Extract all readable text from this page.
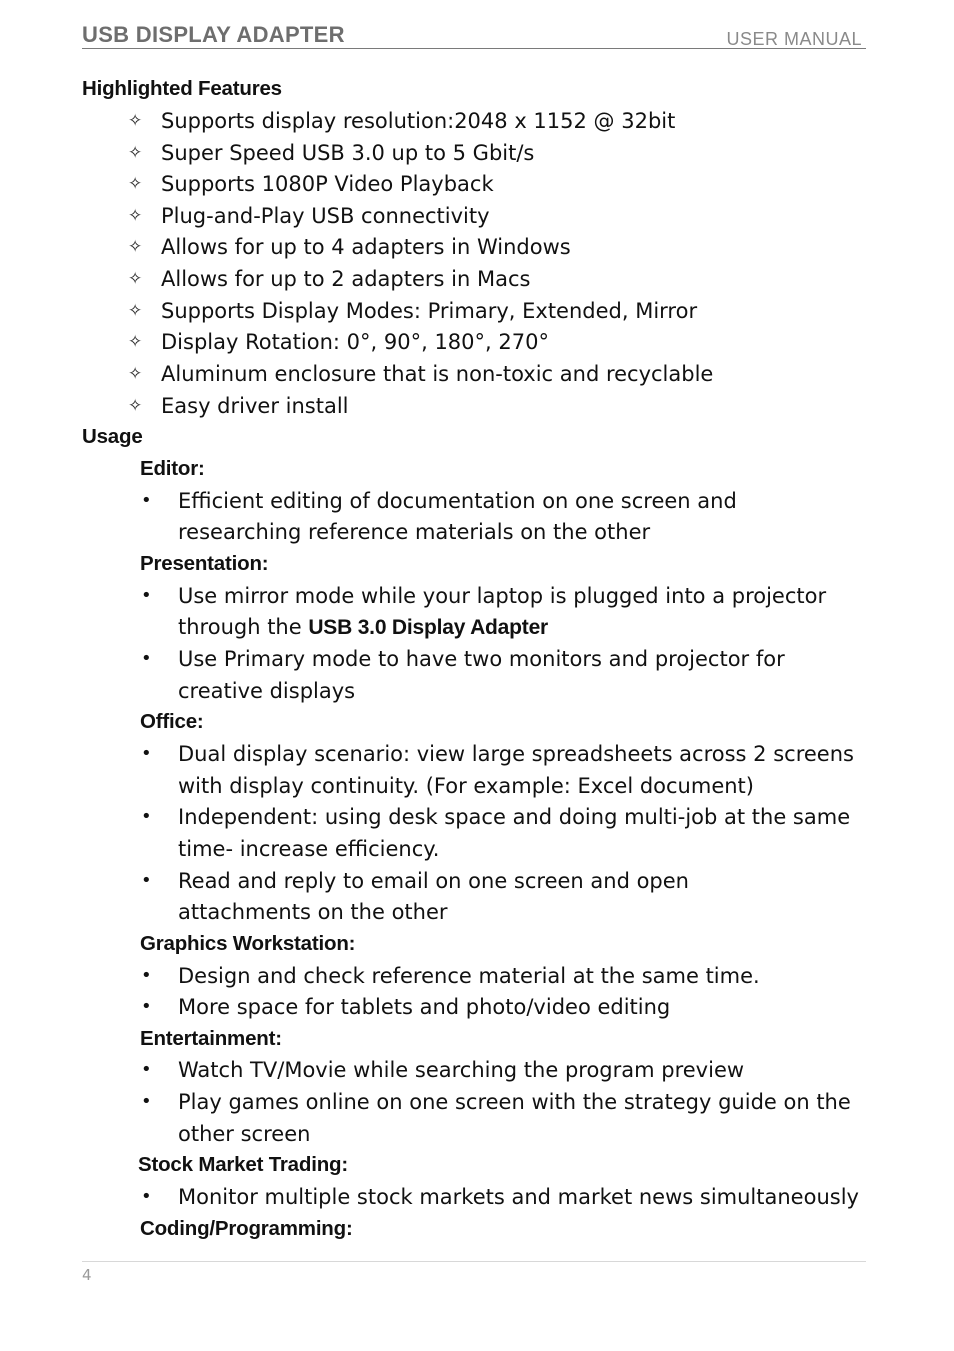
USB DISPLAY ADAPTER	USER MANUAL
Highlighted Features
✧ Supports display resolution:2048 x 1152 @ 32bit
✧ Super Speed USB 3.0 up to 5 Gbit/s
✧ Supports 1080P Video Playback
✧ Plug-and-Play USB connectivity
✧ Allows for up to 4 adapters in Windows
✧ Allows for up to 2 adapters in Macs
✧ Supports Display Modes: Primary, Extended, Mirror
✧ Display Rotation: 0°, 90°, 180°, 270°
✧ Aluminum enclosure that is non-toxic and recyclable
✧ Easy driver install
Usage
Editor:
• Efficient editing of documentation on one screen and
researching reference materials on the other
Presentation:
• Use mirror mode while your laptop is plugged into a projector
through the USB 3.0 Display Adapter
• Use Primary mode to have two monitors and projector for
creative displays
Office:
• Dual display scenario: view large spreadsheets across 2 screens
with display continuity. (For example: Excel document)
• Independent: using desk space and doing multi-job at the same
time- increase efficiency.
• Read and reply to email on one screen and open
attachments on the other
Graphics Workstation:
• Design and check reference material at the same time.
• More space for tablets and photo/video editing
Entertainment:
• Watch TV/Movie while searching the program preview
• Play games online on one screen with the strategy guide on the
other screen
Stock Market Trading:
• Monitor multiple stock markets and market news simultaneously
Coding/Programming:
4
